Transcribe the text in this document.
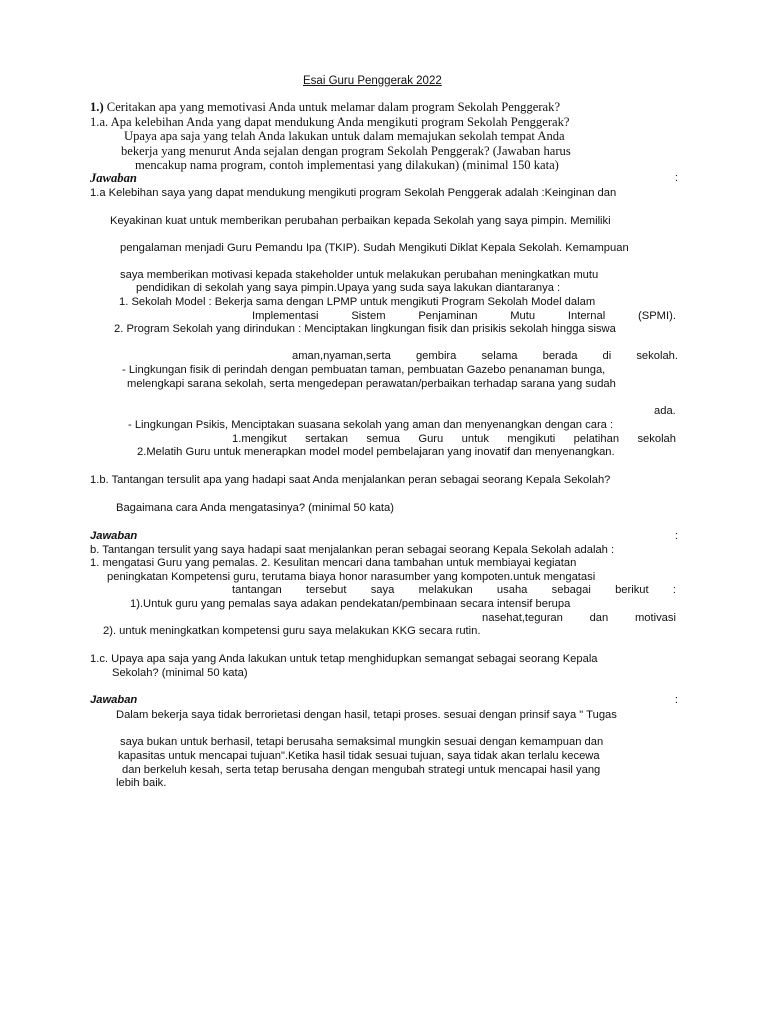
Esai Guru Penggerak 2022
1.) Ceritakan apa yang memotivasi Anda untuk melamar dalam program Sekolah Penggerak?
1.a. Apa kelebihan Anda yang dapat mendukung Anda mengikuti program Sekolah Penggerak?
Upaya apa saja yang telah Anda lakukan untuk dalam memajukan sekolah tempat Anda
bekerja yang menurut Anda sejalan dengan program Sekolah Penggerak? (Jawaban harus
mencakup nama program, contoh implementasi yang dilakukan) (minimal 150 kata)
Jawaban	:
1.a Kelebihan saya yang dapat mendukung mengikuti program Sekolah Penggerak adalah :Keinginan dan
Keyakinan kuat untuk memberikan perubahan perbaikan kepada Sekolah yang saya pimpin. Memiliki
pengalaman menjadi Guru Pemandu Ipa (TKIP). Sudah Mengikuti Diklat Kepala Sekolah. Kemampuan
saya memberikan motivasi kepada stakeholder untuk melakukan perubahan meningkatkan mutu
pendidikan di sekolah yang saya pimpin.Upaya yang suda saya lakukan diantaranya :
1. Sekolah Model : Bekerja sama dengan LPMP untuk mengikuti Program Sekolah Model dalam
Implementasi	Sistem	Penjaminan	Mutu	Internal	(SPMI).
2. Program Sekolah yang dirindukan : Menciptakan lingkungan fisik dan prisikis sekolah hingga siswa
aman,nyaman,serta gembira selama berada di sekolah.
- Lingkungan fisik di perindah dengan pembuatan taman, pembuatan Gazebo penanaman bunga,
melengkapi sarana sekolah, serta mengedepan perawatan/perbaikan terhadap sarana yang sudah
ada.
- Lingkungan Psikis, Menciptakan suasana sekolah yang aman dan menyenangkan dengan cara :
1.mengikut sertakan semua Guru untuk mengikuti pelatihan sekolah
2.Melatih Guru untuk menerapkan model model pembelajaran yang inovatif dan menyenangkan.
1.b. Tantangan tersulit apa yang hadapi saat Anda menjalankan peran sebagai seorang Kepala Sekolah?
Bagaimana cara Anda mengatasinya? (minimal 50 kata)
Jawaban	:
b. Tantangan tersulit yang saya hadapi saat menjalankan peran sebagai seorang Kepala Sekolah adalah :
1. mengatasi Guru yang pemalas. 2. Kesulitan mencari dana tambahan untuk membiayai kegiatan
peningkatan Kompetensi guru, terutama biaya honor narasumber yang kompoten.untuk mengatasi
tantangan tersebut saya melakukan usaha sebagai berikut :
1).Untuk guru yang pemalas saya adakan pendekatan/pembinaan secara intensif berupa
nasehat,teguran dan motivasi
2). untuk meningkatkan kompetensi guru saya melakukan KKG secara rutin.
1.c. Upaya apa saja yang Anda lakukan untuk tetap menghidupkan semangat sebagai seorang Kepala
Sekolah? (minimal 50 kata)
Jawaban	:
Dalam bekerja saya tidak berrorietasi dengan hasil, tetapi proses. sesuai dengan prinsif saya " Tugas
saya bukan untuk berhasil, tetapi berusaha semaksimal mungkin sesuai dengan kemampuan dan
kapasitas untuk mencapai tujuan".Ketika hasil tidak sesuai tujuan, saya tidak akan terlalu kecewa
dan berkeluh kesah, serta tetap berusaha dengan mengubah strategi untuk mencapai hasil yang
lebih baik.
